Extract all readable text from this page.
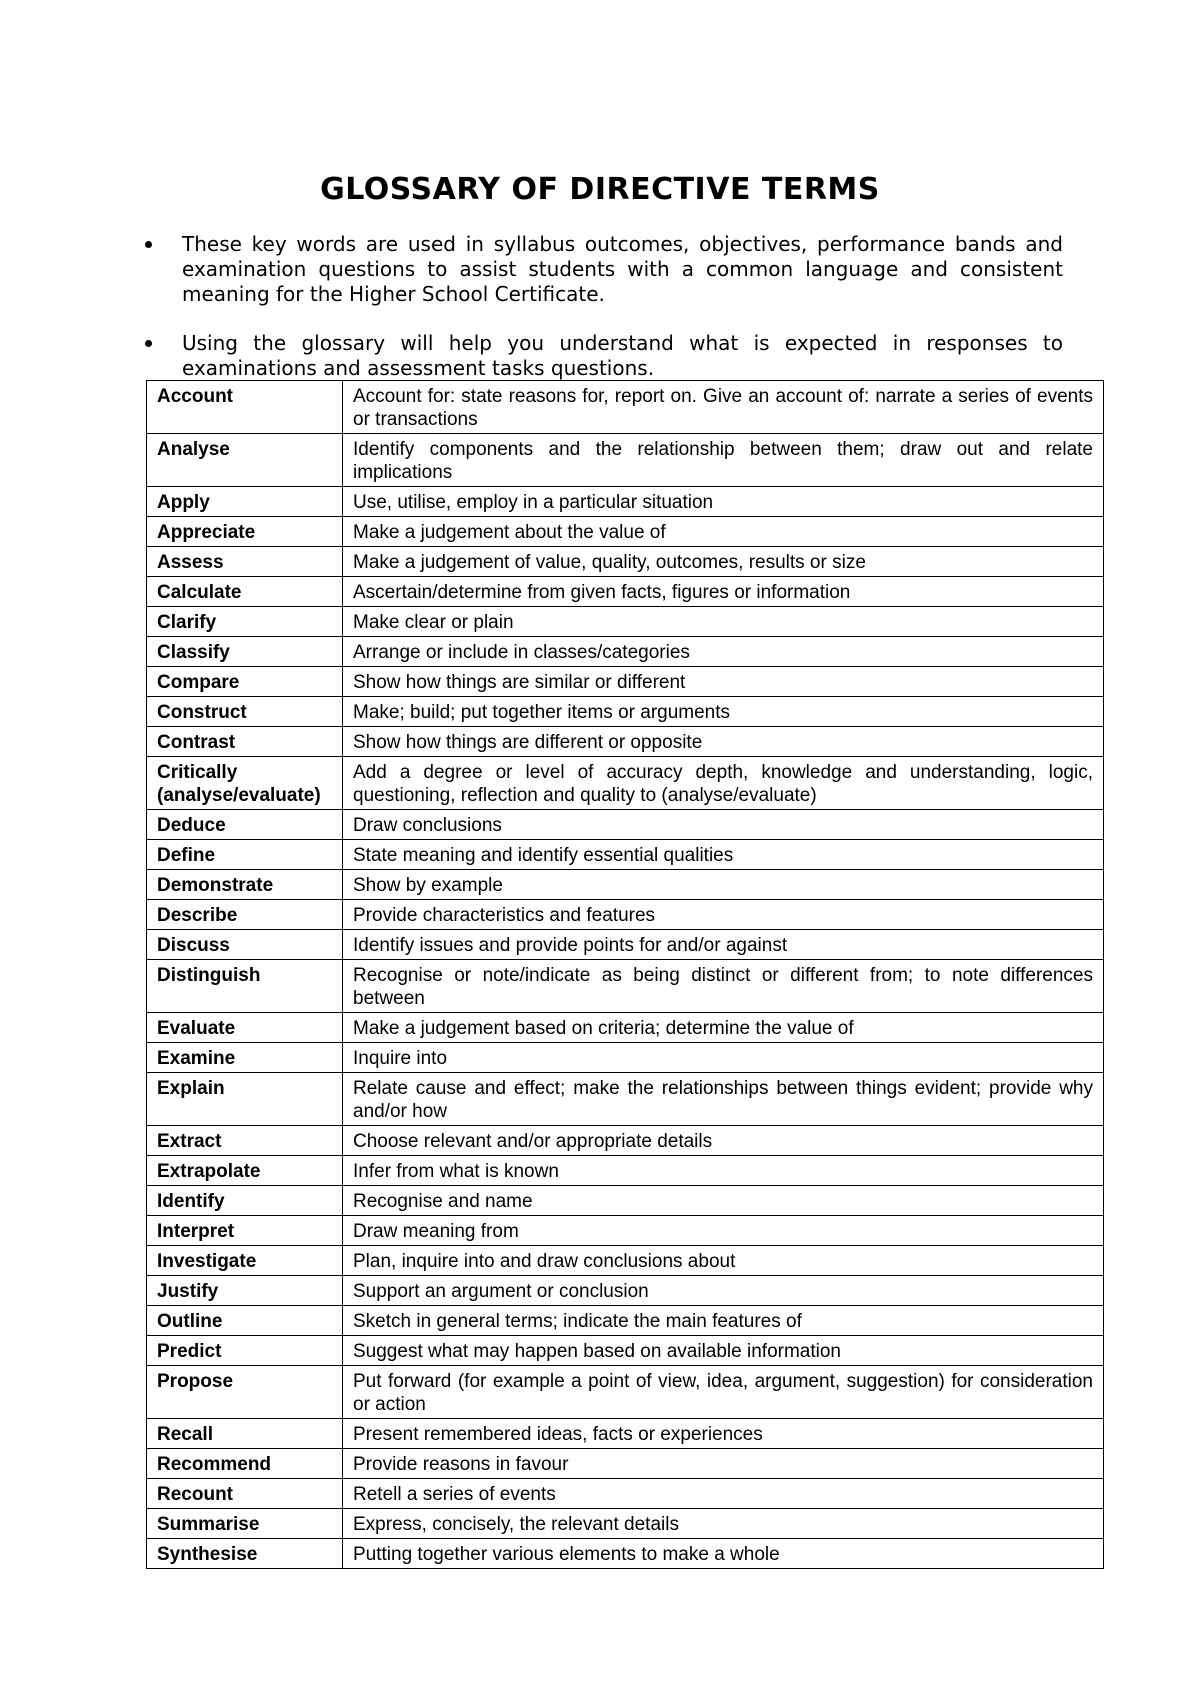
GLOSSARY OF DIRECTIVE TERMS
These key words are used in syllabus outcomes, objectives, performance bands and examination questions to assist students with a common language and consistent meaning for the Higher School Certificate.
Using the glossary will help you understand what is expected in responses to examinations and assessment tasks questions.
Account	Account for: state reasons for, report on. Give an account of: narrate a series of events or transactions
Analyse	Identify components and the relationship between them; draw out and relate implications
Apply	Use, utilise, employ in a particular situation
Appreciate	Make a judgement about the value of
Assess	Make a judgement of value, quality, outcomes, results or size
Calculate	Ascertain/determine from given facts, figures or information
Clarify	Make clear or plain
Classify	Arrange or include in classes/categories
Compare	Show how things are similar or different
Construct	Make; build; put together items or arguments
Contrast	Show how things are different or opposite
Critically (analyse/evaluate)	Add a degree or level of accuracy depth, knowledge and understanding, logic, questioning, reflection and quality to (analyse/evaluate)
Deduce	Draw conclusions
Define	State meaning and identify essential qualities
Demonstrate	Show by example
Describe	Provide characteristics and features
Discuss	Identify issues and provide points for and/or against
Distinguish	Recognise or note/indicate as being distinct or different from; to note differences between
Evaluate	Make a judgement based on criteria; determine the value of
Examine	Inquire into
Explain	Relate cause and effect; make the relationships between things evident; provide why and/or how
Extract	Choose relevant and/or appropriate details
Extrapolate	Infer from what is known
Identify	Recognise and name
Interpret	Draw meaning from
Investigate	Plan, inquire into and draw conclusions about
Justify	Support an argument or conclusion
Outline	Sketch in general terms; indicate the main features of
Predict	Suggest what may happen based on available information
Propose	Put forward (for example a point of view, idea, argument, suggestion) for consideration or action
Recall	Present remembered ideas, facts or experiences
Recommend	Provide reasons in favour
Recount	Retell a series of events
Summarise	Express, concisely, the relevant details
Synthesise	Putting together various elements to make a whole
